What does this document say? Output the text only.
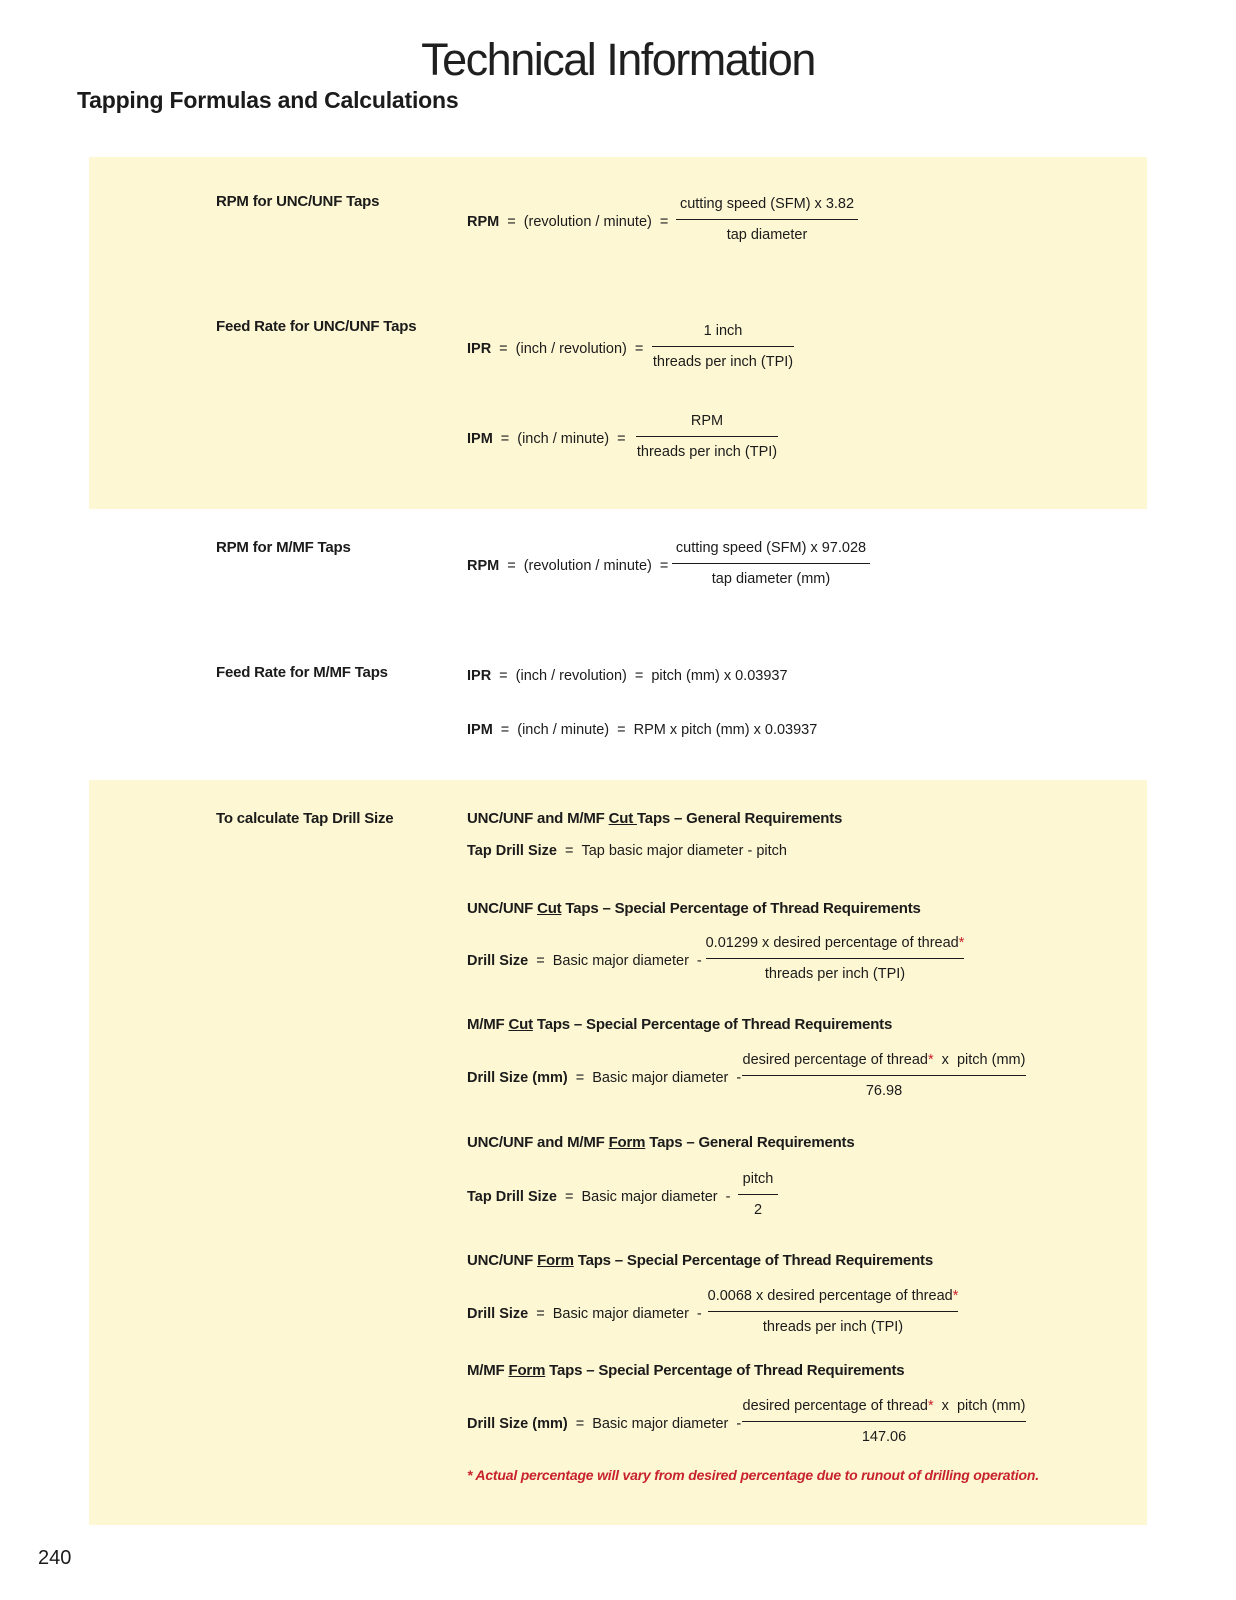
Technical Information
Tapping Formulas and Calculations
RPM for UNC/UNF Taps
RPM = (revolution / minute) =
cutting speed (SFM) x 3.82
tap diameter
Feed Rate for UNC/UNF Taps
IPR = (inch / revolution) =
1 inch
threads per inch (TPI)
IPM = (inch / minute) =
RPM
threads per inch (TPI)
RPM for M/MF Taps
RPM = (revolution / minute) =
cutting speed (SFM) x 97.028
tap diameter (mm)
Feed Rate for M/MF Taps	IPR = (inch / revolution) = pitch (mm) x 0.03937
IPM = (inch / minute) = RPM x pitch (mm) x 0.03937
To calculate Tap Drill Size	UNC/UNF and M/MF Cut Taps – General Requirements
Tap Drill Size = Tap basic major diameter - pitch
UNC/UNF Cut Taps – Special Percentage of Thread Requirements
Drill Size = Basic major diameter -
0.01299 x desired percentage of thread*
threads per inch (TPI)
M/MF Cut Taps – Special Percentage of Thread Requirements
Drill Size (mm) = Basic major diameter -
desired percentage of thread*  x  pitch (mm)
76.98
UNC/UNF and M/MF Form Taps – General Requirements
Tap Drill Size = Basic major diameter -
pitch
2
UNC/UNF Form Taps – Special Percentage of Thread Requirements
Drill Size = Basic major diameter -
0.0068 x desired percentage of thread*
threads per inch (TPI)
M/MF Form Taps – Special Percentage of Thread Requirements
Drill Size (mm) = Basic major diameter -
desired percentage of thread*  x  pitch (mm)
147.06
* Actual percentage will vary from desired percentage due to runout of drilling operation.
240
